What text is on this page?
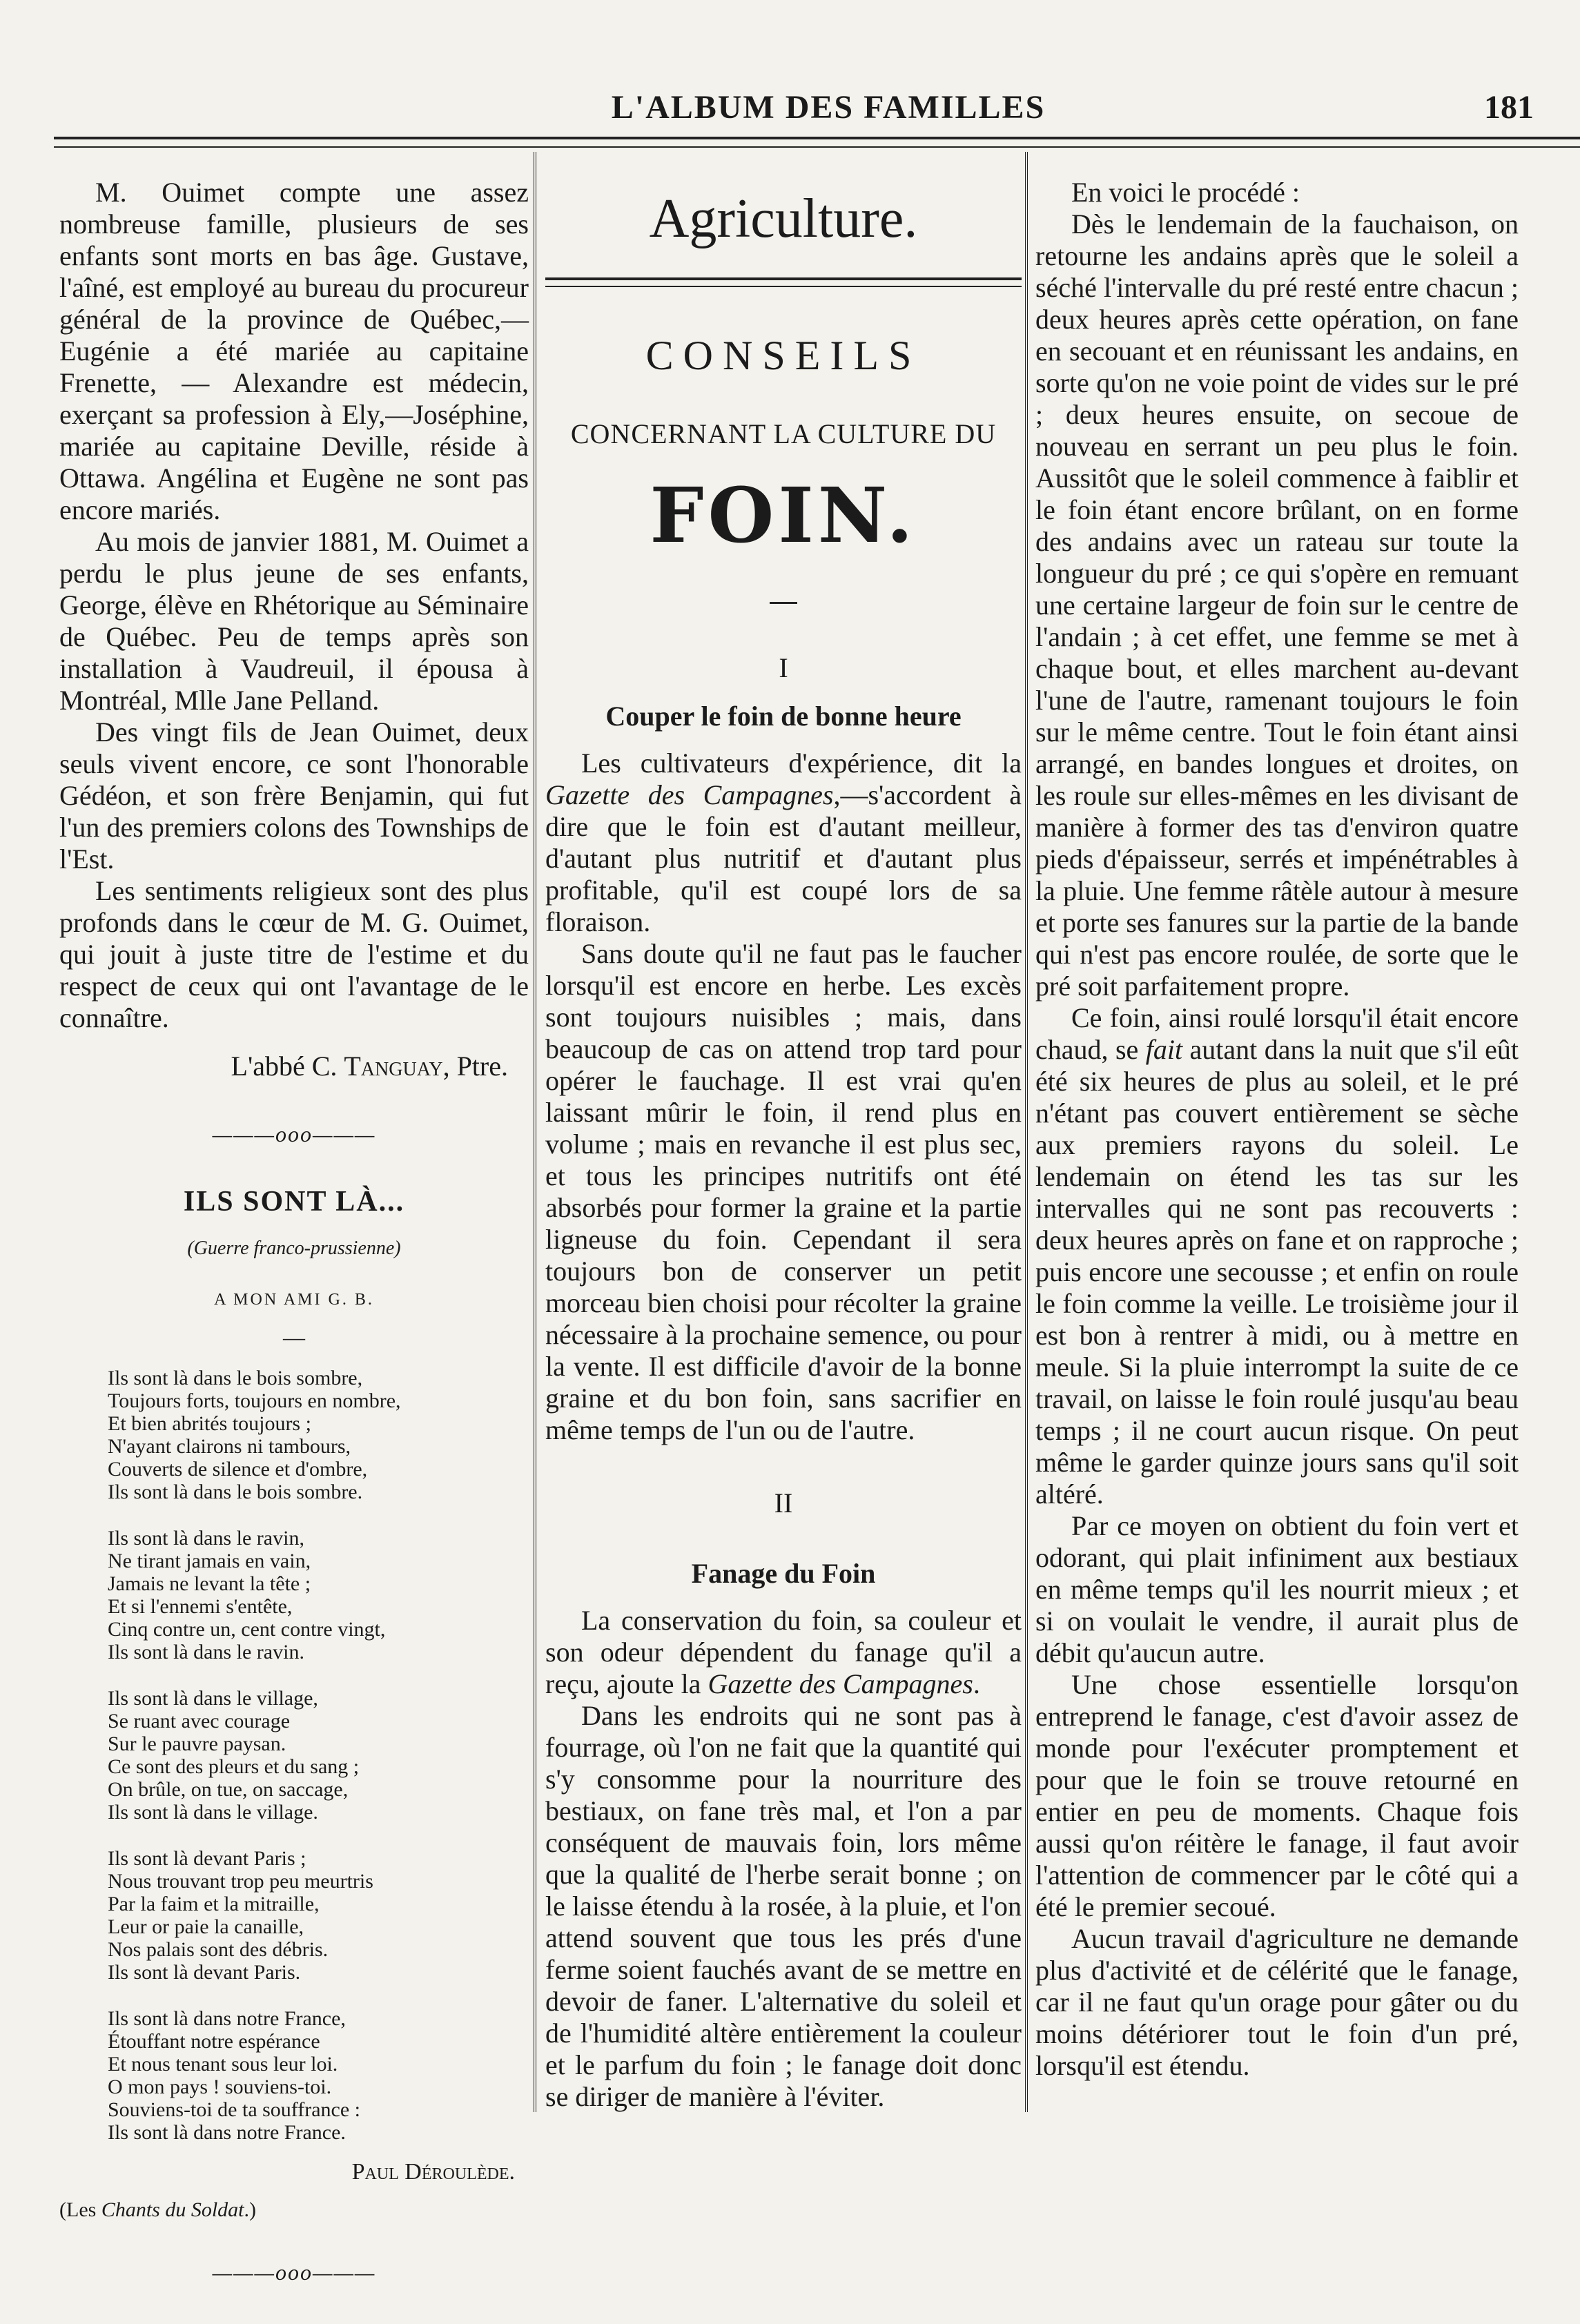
L'ALBUM DES FAMILLES	181

M. Ouimet compte une assez nombreuse famille, plusieurs de ses enfants sont morts en bas âge. Gustave, l'aîné, est employé au bureau du procureur général de la province de Québec,—Eugénie a été mariée au capitaine Frenette, — Alexandre est médecin, exerçant sa profession à Ely,—Joséphine, mariée au capitaine Deville, réside à Ottawa. Angélina et Eugène ne sont pas encore mariés.

Au mois de janvier 1881, M. Ouimet a perdu le plus jeune de ses enfants, George, élève en Rhétorique au Séminaire de Québec. Peu de temps après son installation à Vaudreuil, il épousa à Montréal, Mlle Jane Pelland.

Des vingt fils de Jean Ouimet, deux seuls vivent encore, ce sont l'honorable Gédéon, et son frère Benjamin, qui fut l'un des premiers colons des Townships de l'Est.

Les sentiments religieux sont des plus profonds dans le cœur de M. G. Ouimet, qui jouit à juste titre de l'estime et du respect de ceux qui ont l'avantage de le connaître.

L'abbé C. Tanguay, Ptre.

———ooo———

ILS SONT LÀ...
(Guerre franco-prussienne)
A MON AMI G. B.
—
Ils sont là dans le bois sombre,
Toujours forts, toujours en nombre,
Et bien abrités toujours ;
N'ayant clairons ni tambours,
Couverts de silence et d'ombre,
Ils sont là dans le bois sombre.
Ils sont là dans le ravin,
Ne tirant jamais en vain,
Jamais ne levant la tête ;
Et si l'ennemi s'entête,
Cinq contre un, cent contre vingt,
Ils sont là dans le ravin.
Ils sont là dans le village,
Se ruant avec courage
Sur le pauvre paysan.
Ce sont des pleurs et du sang ;
On brûle, on tue, on saccage,
Ils sont là dans le village.
Ils sont là devant Paris ;
Nous trouvant trop peu meurtris
Par la faim et la mitraille,
Leur or paie la canaille,
Nos palais sont des débris.
Ils sont là devant Paris.
Ils sont là dans notre France,
Étouffant notre espérance
Et nous tenant sous leur loi.
O mon pays ! souviens-toi.
Souviens-toi de ta souffrance :
Ils sont là dans notre France.
Paul Déroulède.
(Les Chants du Soldat.)

———ooo———

Agriculture.
CONSEILS
CONCERNANT LA CULTURE DU
FOIN.
I
Couper le foin de bonne heure

Les cultivateurs d'expérience, dit la Gazette des Campagnes,—s'accordent à dire que le foin est d'autant meilleur, d'autant plus nutritif et d'autant plus profitable, qu'il est coupé lors de sa floraison.

Sans doute qu'il ne faut pas le faucher lorsqu'il est encore en herbe. Les excès sont toujours nuisibles ; mais, dans beaucoup de cas on attend trop tard pour opérer le fauchage. Il est vrai qu'en laissant mûrir le foin, il rend plus en volume ; mais en revanche il est plus sec, et tous les principes nutritifs ont été absorbés pour former la graine et la partie ligneuse du foin. Cependant il sera toujours bon de conserver un petit morceau bien choisi pour récolter la graine nécessaire à la prochaine semence, ou pour la vente. Il est difficile d'avoir de la bonne graine et du bon foin, sans sacrifier en même temps de l'un ou de l'autre.

II
Fanage du Foin

La conservation du foin, sa couleur et son odeur dépendent du fanage qu'il a reçu, ajoute la Gazette des Campagnes.

Dans les endroits qui ne sont pas à fourrage, où l'on ne fait que la quantité qui s'y consomme pour la nourriture des bestiaux, on fane très mal, et l'on a par conséquent de mauvais foin, lors même que la qualité de l'herbe serait bonne ; on le laisse étendu à la rosée, à la pluie, et l'on attend souvent que tous les prés d'une ferme soient fauchés avant de se mettre en devoir de faner. L'alternative du soleil et de l'humidité altère entièrement la couleur et le parfum du foin ; le fanage doit donc se diriger de manière à l'éviter.

En voici le procédé :

Dès le lendemain de la fauchaison, on retourne les andains après que le soleil a séché l'intervalle du pré resté entre chacun ; deux heures après cette opération, on fane en secouant et en réunissant les andains, en sorte qu'on ne voie point de vides sur le pré ; deux heures ensuite, on secoue de nouveau en serrant un peu plus le foin. Aussitôt que le soleil commence à faiblir et le foin étant encore brûlant, on en forme des andains avec un rateau sur toute la longueur du pré ; ce qui s'opère en remuant une certaine largeur de foin sur le centre de l'andain ; à cet effet, une femme se met à chaque bout, et elles marchent au-devant l'une de l'autre, ramenant toujours le foin sur le même centre. Tout le foin étant ainsi arrangé, en bandes longues et droites, on les roule sur elles-mêmes en les divisant de manière à former des tas d'environ quatre pieds d'épaisseur, serrés et impénétrables à la pluie. Une femme râtèle autour à mesure et porte ses fanures sur la partie de la bande qui n'est pas encore roulée, de sorte que le pré soit parfaitement propre.

Ce foin, ainsi roulé lorsqu'il était encore chaud, se fait autant dans la nuit que s'il eût été six heures de plus au soleil, et le pré n'étant pas couvert entièrement se sèche aux premiers rayons du soleil. Le lendemain on étend les tas sur les intervalles qui ne sont pas recouverts : deux heures après on fane et on rapproche ; puis encore une secousse ; et enfin on roule le foin comme la veille. Le troisième jour il est bon à rentrer à midi, ou à mettre en meule. Si la pluie interrompt la suite de ce travail, on laisse le foin roulé jusqu'au beau temps ; il ne court aucun risque. On peut même le garder quinze jours sans qu'il soit altéré.

Par ce moyen on obtient du foin vert et odorant, qui plait infiniment aux bestiaux en même temps qu'il les nourrit mieux ; et si on voulait le vendre, il aurait plus de débit qu'aucun autre.

Une chose essentielle lorsqu'on entreprend le fanage, c'est d'avoir assez de monde pour l'exécuter promptement et pour que le foin se trouve retourné en entier en peu de moments. Chaque fois aussi qu'on réitère le fanage, il faut avoir l'attention de commencer par le côté qui a été le premier secoué.

Aucun travail d'agriculture ne demande plus d'activité et de célérité que le fanage, car il ne faut qu'un orage pour gâter ou du moins détériorer tout le foin d'un pré, lorsqu'il est étendu.
